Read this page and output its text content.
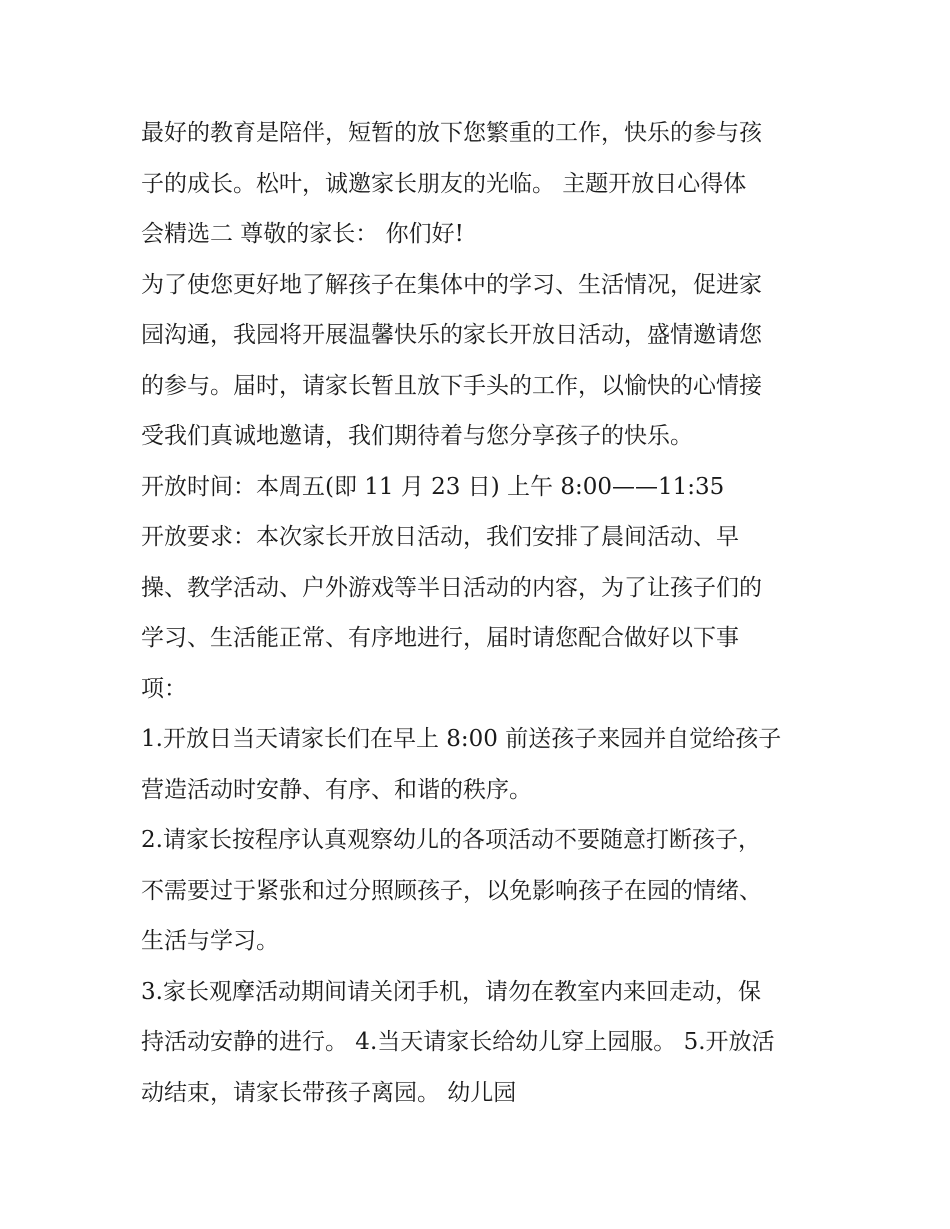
最好的教育是陪伴，短暂的放下您繁重的工作，快乐的参与孩
子的成长。松叶，诚邀家长朋友的光临。 主题开放日心得体
会精选二 尊敬的家长： 你们好!

为了使您更好地了解孩子在集体中的学习、生活情况，促进家
园沟通，我园将开展温馨快乐的家长开放日活动，盛情邀请您
的参与。届时，请家长暂且放下手头的工作，以愉快的心情接
受我们真诚地邀请，我们期待着与您分享孩子的快乐。

开放时间：本周五(即 11 月 23 日) 上午 8:00——11:35

开放要求：本次家长开放日活动，我们安排了晨间活动、早
操、教学活动、户外游戏等半日活动的内容，为了让孩子们的
学习、生活能正常、有序地进行，届时请您配合做好以下事
项：

1.开放日当天请家长们在早上 8:00 前送孩子来园并自觉给孩子
营造活动时安静、有序、和谐的秩序。

2.请家长按程序认真观察幼儿的各项活动不要随意打断孩子，
不需要过于紧张和过分照顾孩子，以免影响孩子在园的情绪、
生活与学习。

3.家长观摩活动期间请关闭手机，请勿在教室内来回走动，保
持活动安静的进行。 4.当天请家长给幼儿穿上园服。 5.开放活
动结束，请家长带孩子离园。 幼儿园
